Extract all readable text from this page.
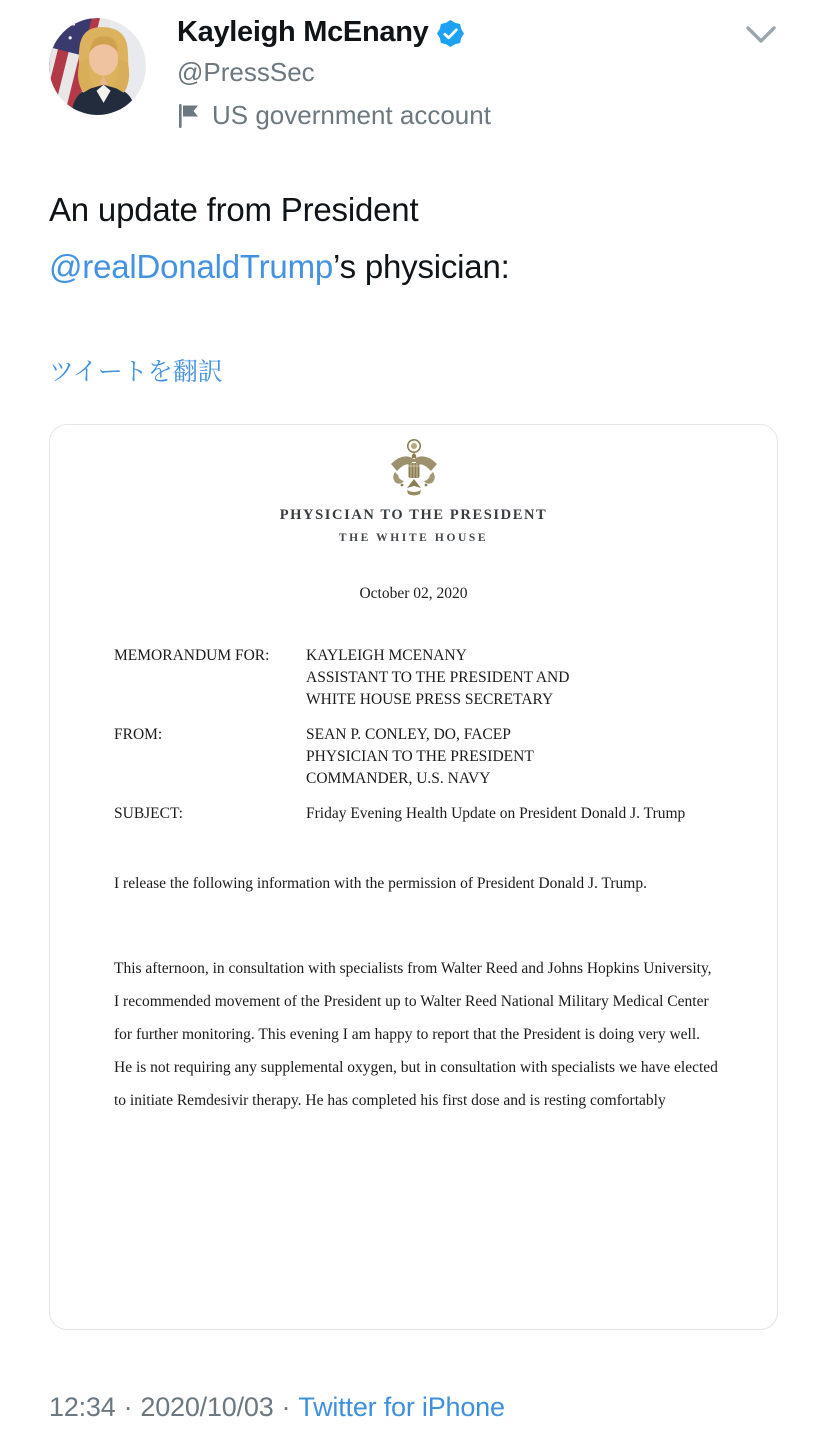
Kayleigh McEnany
@PressSec
US government account
An update from President @realDonaldTrump’s physician:
ツイートを翻訳
PHYSICIAN TO THE PRESIDENT
THE WHITE HOUSE
October 02, 2020
MEMORANDUM FOR:	KAYLEIGH MCENANY
ASSISTANT TO THE PRESIDENT AND
WHITE HOUSE PRESS SECRETARY
FROM:	SEAN P. CONLEY, DO, FACEP
PHYSICIAN TO THE PRESIDENT
COMMANDER, U.S. NAVY
SUBJECT:	Friday Evening Health Update on President Donald J. Trump
I release the following information with the permission of President Donald J. Trump.
This afternoon, in consultation with specialists from Walter Reed and Johns Hopkins University, I recommended movement of the President up to Walter Reed National Military Medical Center for further monitoring. This evening I am happy to report that the President is doing very well. He is not requiring any supplemental oxygen, but in consultation with specialists we have elected to initiate Remdesivir therapy. He has completed his first dose and is resting comfortably
12:34 · 2020/10/03 · Twitter for iPhone
